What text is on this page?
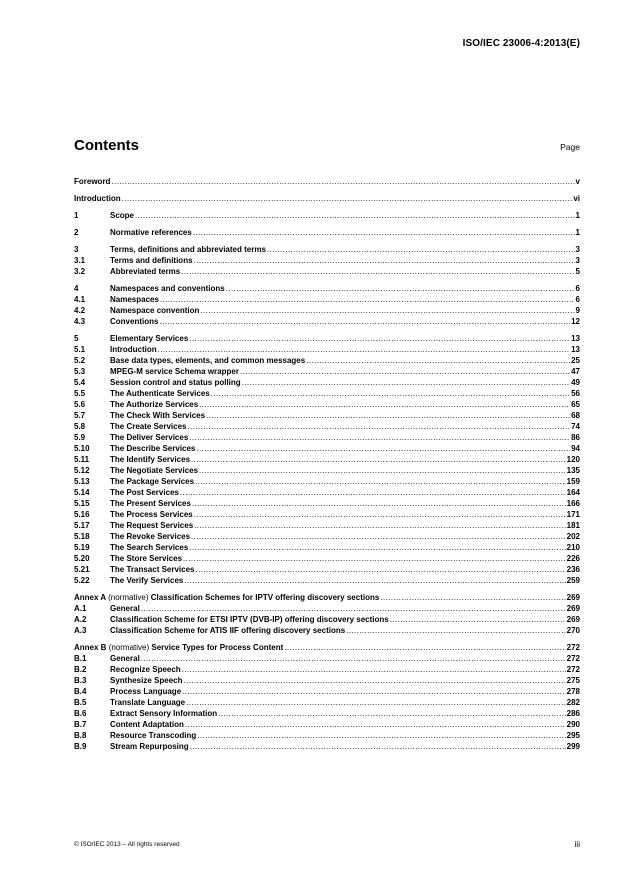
ISO/IEC 23006-4:2013(E)
Contents	Page
Foreword .....	v
Introduction .....	vi
1	Scope .....	1
2	Normative references .....	1
3	Terms, definitions and abbreviated terms .....	3
3.1	Terms and definitions .....	3
3.2	Abbreviated terms .....	5
4	Namespaces and conventions .....	6
4.1	Namespaces .....	6
4.2	Namespace convention .....	9
4.3	Conventions .....	12
5	Elementary Services .....	13
5.1	Introduction .....	13
5.2	Base data types, elements, and common messages .....	25
5.3	MPEG-M service Schema wrapper .....	47
5.4	Session control and status polling .....	49
5.5	The Authenticate Services .....	56
5.6	The Authorize Services .....	65
5.7	The Check With Services .....	68
5.8	The Create Services .....	74
5.9	The Deliver Services .....	86
5.10	The Describe Services .....	94
5.11	The Identify Services .....	120
5.12	The Negotiate Services .....	135
5.13	The Package Services .....	159
5.14	The Post Services .....	164
5.15	The Present Services .....	166
5.16	The Process Services .....	171
5.17	The Request Services .....	181
5.18	The Revoke Services .....	202
5.19	The Search Services .....	210
5.20	The Store Services .....	226
5.21	The Transact Services .....	236
5.22	The Verify Services .....	259
Annex A (normative) Classification Schemes for IPTV offering discovery sections .....	269
A.1	General .....	269
A.2	Classification Scheme for ETSI IPTV (DVB-IP) offering discovery sections .....	269
A.3	Classification Scheme for ATIS IIF offering discovery sections .....	270
Annex B (normative) Service Types for Process Content .....	272
B.1	General .....	272
B.2	Recognize Speech .....	272
B.3	Synthesize Speech .....	275
B.4	Process Language .....	278
B.5	Translate Language .....	282
B.6	Extract Sensory Information .....	286
B.7	Content Adaptation .....	290
B.8	Resource Transcoding .....	295
B.9	Stream Repurposing .....	299
© ISO/IEC 2013 – All rights reserved	iii
